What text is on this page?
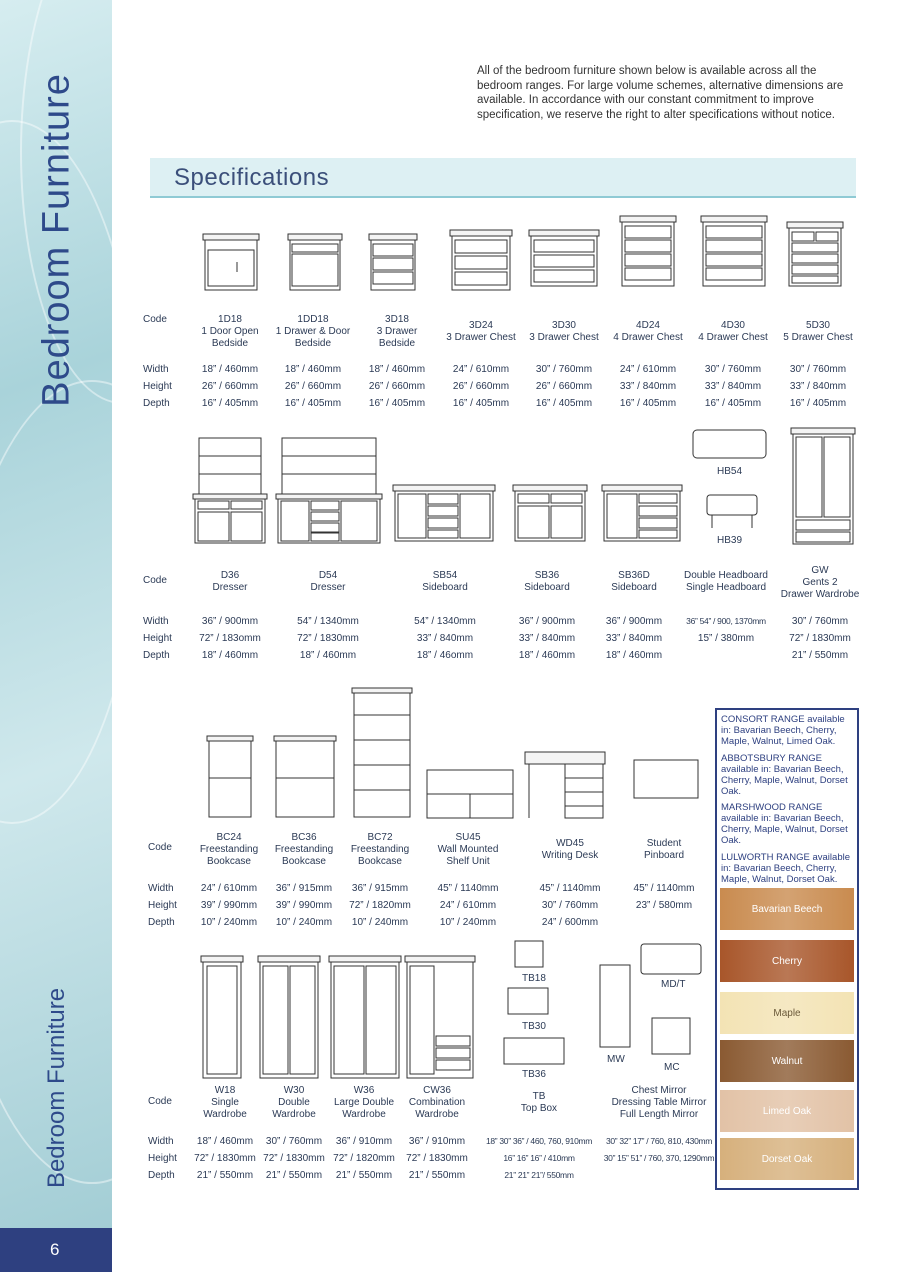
Bedroom Furniture
Bedroom Furniture
6
All of the bedroom furniture shown below is available across all the bedroom ranges. For large volume schemes, alternative dimensions are available. In accordance with our constant commitment to improve specification, we reserve the right to alter specifications without notice.
Specifications
Code
Width
Height
Depth
1D18
1 Door Open
Bedside
18” / 460mm
26” / 660mm
16” / 405mm
1DD18
1 Drawer & Door
Bedside
18” / 460mm
26” / 660mm
16” / 405mm
3D18
3 Drawer
Bedside
18” / 460mm
26” / 660mm
16” / 405mm
3D24
3 Drawer Chest
24” / 610mm
26” / 660mm
16” / 405mm
3D30
3 Drawer Chest
30” / 760mm
26” / 660mm
16” / 405mm
4D24
4 Drawer Chest
24” / 610mm
33” / 840mm
16” / 405mm
4D30
4 Drawer Chest
30” / 760mm
33” / 840mm
16” / 405mm
5D30
5 Drawer Chest
30” / 760mm
33” / 840mm
16” / 405mm
Code
Width
Height
Depth
D36
Dresser
36” / 900mm
72” / 183omm
18” / 460mm
D54
Dresser
54” / 1340mm
72” / 1830mm
18” / 460mm
SB54
Sideboard
54” / 1340mm
33” / 840mm
18” / 46omm
SB36
Sideboard
36” / 900mm
33” / 840mm
18” / 460mm
SB36D
Sideboard
36” / 900mm
33” / 840mm
18” / 460mm
Double Headboard
Single Headboard
36” 54” / 900, 1370mm
15” / 380mm
GW
Gents 2
Drawer Wardrobe
30” / 760mm
72” / 1830mm
21” / 550mm
Code
Width
Height
Depth
BC24
Freestanding
Bookcase
24” / 610mm
39” / 990mm
10” / 240mm
BC36
Freestanding
Bookcase
36” / 915mm
39” / 990mm
10” / 240mm
BC72
Freestanding
Bookcase
36” / 915mm
72” / 1820mm
10” / 240mm
SU45
Wall Mounted
Shelf Unit
45” / 1140mm
24” / 610mm
10” / 240mm
WD45
Writing Desk
45” / 1140mm
30” / 760mm
24” / 600mm
Student
Pinboard
45” / 1140mm
23” / 580mm
Code
Width
Height
Depth
W18
Single
Wardrobe
18” / 460mm
72” / 1830mm
21” / 550mm
W30
Double
Wardrobe
30” / 760mm
72” / 1830mm
21” / 550mm
W36
Large Double
Wardrobe
36” / 910mm
72” / 1820mm
21” / 550mm
CW36
Combination
Wardrobe
36” / 910mm
72” / 1830mm
21” / 550mm
TB
Top Box
18” 30” 36” / 460, 760, 910mm
16” 16” 16” / 410mm
21” 21” 21”/ 550mm
Chest Mirror
Dressing Table Mirror
Full Length Mirror
30” 32” 17” / 760, 810, 430mm
30” 15” 51” / 760, 370, 1290mm
HB54
HB39
TB18
TB30
TB36
MD/T
MW
MC
CONSORT RANGE available in: Bavarian Beech, Cherry, Maple, Walnut, Limed Oak.
ABBOTSBURY RANGE available in: Bavarian Beech, Cherry, Maple, Walnut, Dorset Oak.
MARSHWOOD RANGE available in: Bavarian Beech, Cherry, Maple, Walnut, Dorset Oak.
LULWORTH RANGE available in: Bavarian Beech, Cherry, Maple, Walnut, Dorset Oak.
Bavarian Beech
Cherry
Maple
Walnut
Limed Oak
Dorset Oak
